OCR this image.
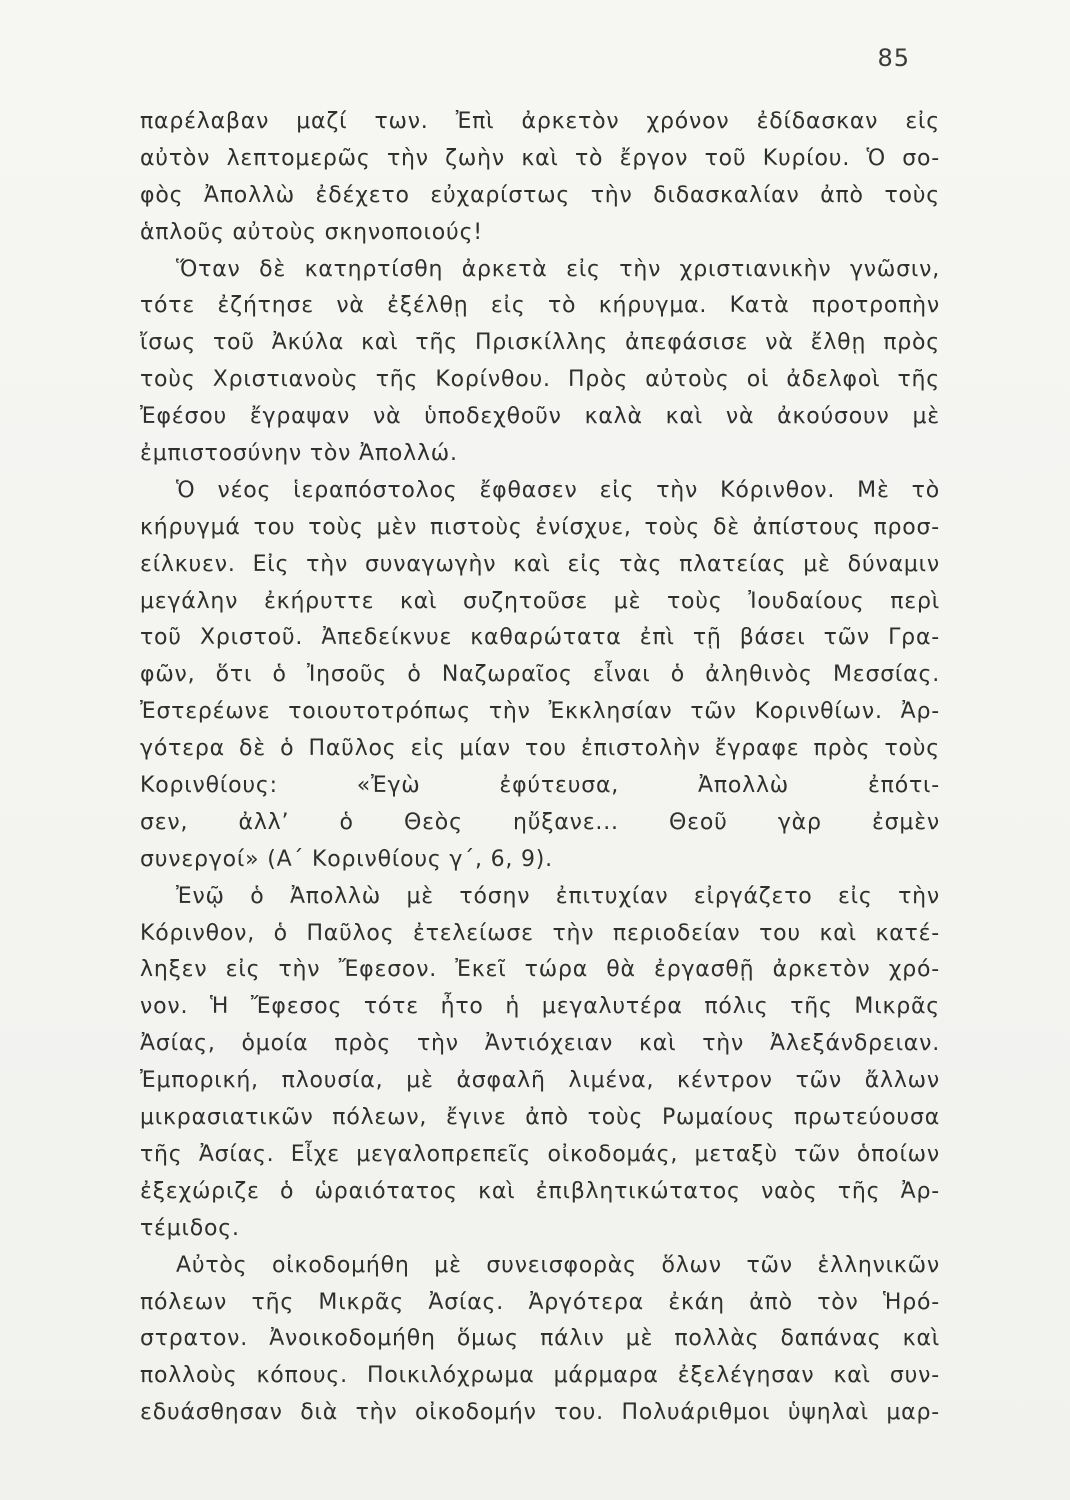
85
παρέλαβαν μαζί των. Ἐπὶ ἀρκετὸν χρόνον ἐδίδασκαν εἰς
αὐτὸν λεπτομερῶς τὴν ζωὴν καὶ τὸ ἔργον τοῦ Κυρίου. Ὁ σο-
φὸς Ἀπολλὼ ἐδέχετο εὐχαρίστως τὴν διδασκαλίαν ἀπὸ τοὺς
ἁπλοῦς αὐτοὺς σκηνοποιούς!
Ὅταν δὲ κατηρτίσθη ἀρκετὰ εἰς τὴν χριστιανικὴν γνῶσιν,
τότε ἐζήτησε νὰ ἐξέλθῃ εἰς τὸ κήρυγμα. Κατὰ προτροπὴν
ἴσως τοῦ Ἀκύλα καὶ τῆς Πρισκίλλης ἀπεφάσισε νὰ ἔλθῃ πρὸς
τοὺς Χριστιανοὺς τῆς Κορίνθου. Πρὸς αὐτοὺς οἱ ἀδελφοὶ τῆς
Ἐφέσου ἔγραψαν νὰ ὑποδεχθοῦν καλὰ καὶ νὰ ἀκούσουν μὲ
ἐμπιστοσύνην τὸν Ἀπολλώ.
Ὁ νέος ἱεραπόστολος ἔφθασεν εἰς τὴν Κόρινθον. Μὲ τὸ
κήρυγμά του τοὺς μὲν πιστοὺς ἐνίσχυε, τοὺς δὲ ἀπίστους προσ-
είλκυεν. Εἰς τὴν συναγωγὴν καὶ εἰς τὰς πλατείας μὲ δύναμιν
μεγάλην ἐκήρυττε καὶ συζητοῦσε μὲ τοὺς Ἰουδαίους περὶ
τοῦ Χριστοῦ. Ἀπεδείκνυε καθαρώτατα ἐπὶ τῇ βάσει τῶν Γρα-
φῶν, ὅτι ὁ Ἰησοῦς ὁ Ναζωραῖος εἶναι ὁ ἀληθινὸς Μεσσίας.
Ἐστερέωνε τοιουτοτρόπως τὴν Ἐκκλησίαν τῶν Κορινθίων. Ἀρ-
γότερα δὲ ὁ Παῦλος εἰς μίαν του ἐπιστολὴν ἔγραφε πρὸς τοὺς
Κορινθίους: «Ἐγὼ ἐφύτευσα, Ἀπολλὼ ἐπότι-
σεν, ἀλλ’ ὁ Θεὸς ηὔξανε... Θεοῦ γὰρ ἐσμὲν
συνεργοί» (Α΄ Κορινθίους γ΄, 6, 9).
Ἐνῷ ὁ Ἀπολλὼ μὲ τόσην ἐπιτυχίαν εἰργάζετο εἰς τὴν
Κόρινθον, ὁ Παῦλος ἐτελείωσε τὴν περιοδείαν του καὶ κατέ-
ληξεν εἰς τὴν Ἔφεσον. Ἐκεῖ τώρα θὰ ἐργασθῇ ἀρκετὸν χρό-
νον. Ἡ Ἔφεσος τότε ἦτο ἡ μεγαλυτέρα πόλις τῆς Μικρᾶς
Ἀσίας, ὁμοία πρὸς τὴν Ἀντιόχειαν καὶ τὴν Ἀλεξάνδρειαν.
Ἐμπορική, πλουσία, μὲ ἀσφαλῆ λιμένα, κέντρον τῶν ἄλλων
μικρασιατικῶν πόλεων, ἔγινε ἀπὸ τοὺς Ρωμαίους πρωτεύουσα
τῆς Ἀσίας. Εἶχε μεγαλοπρεπεῖς οἰκοδομάς, μεταξὺ τῶν ὁποίων
ἐξεχώριζε ὁ ὡραιότατος καὶ ἐπιβλητικώτατος ναὸς τῆς Ἀρ-
τέμιδος.
Αὐτὸς οἰκοδομήθη μὲ συνεισφορὰς ὅλων τῶν ἑλληνικῶν
πόλεων τῆς Μικρᾶς Ἀσίας. Ἀργότερα ἐκάη ἀπὸ τὸν Ἡρό-
στρατον. Ἀνοικοδομήθη ὅμως πάλιν μὲ πολλὰς δαπάνας καὶ
πολλοὺς κόπους. Ποικιλόχρωμα μάρμαρα ἐξελέγησαν καὶ συν-
εδυάσθησαν διὰ τὴν οἰκοδομήν του. Πολυάριθμοι ὑψηλαὶ μαρ-
